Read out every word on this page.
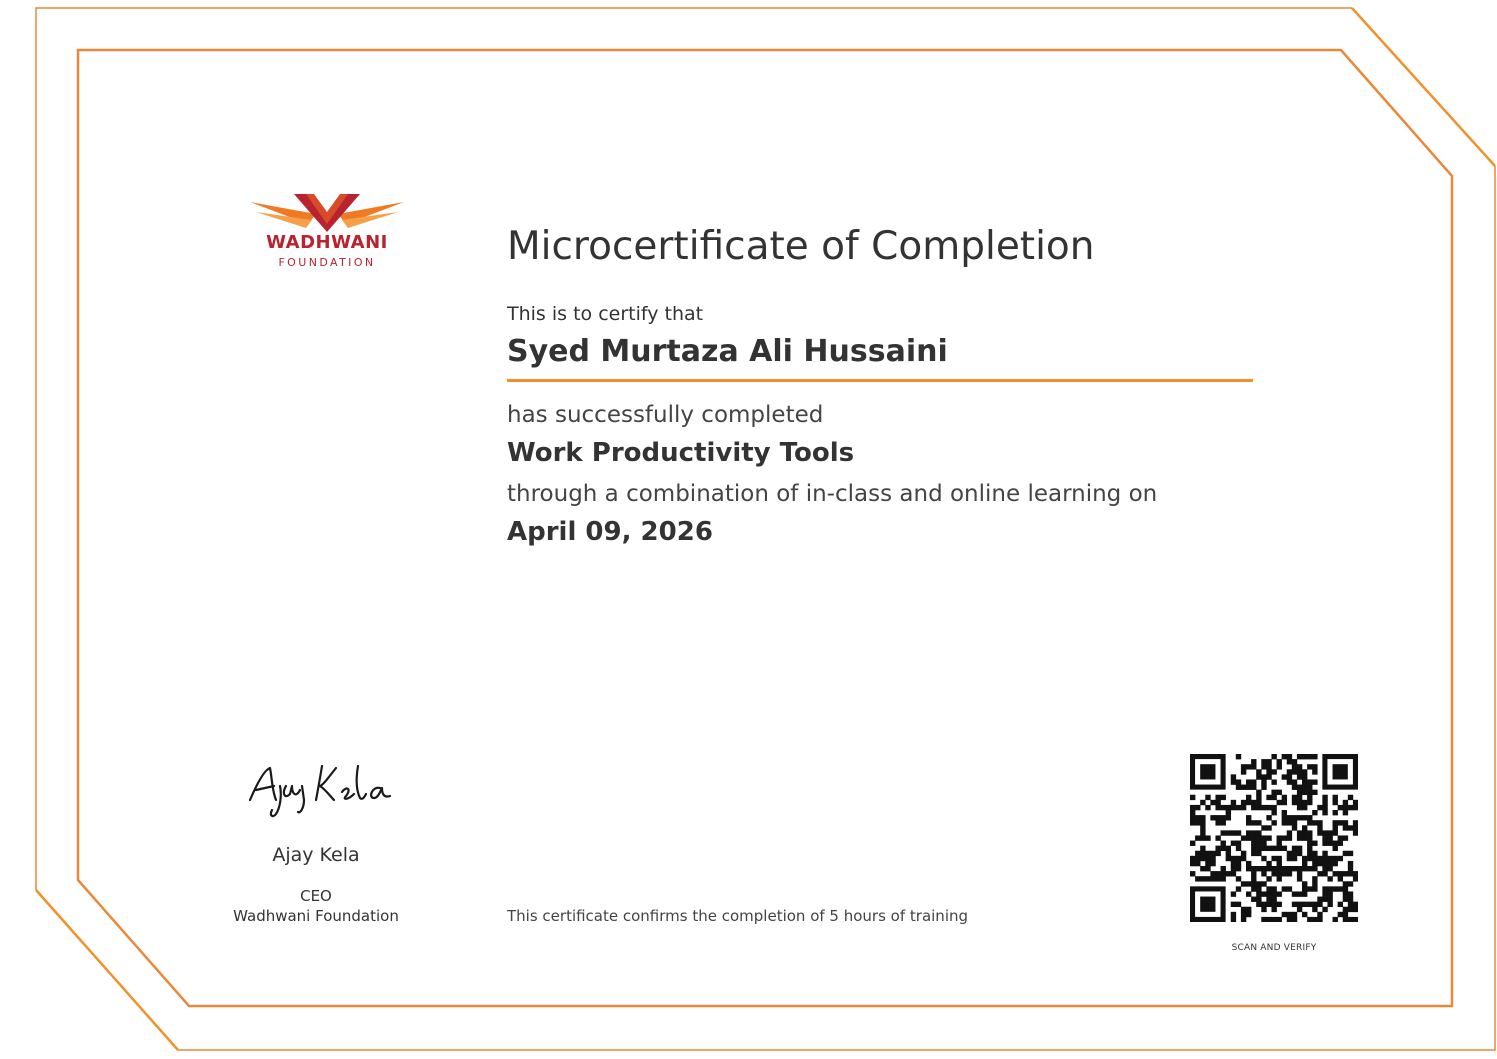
WADHWANI
FOUNDATION	Microcertificate of Completion
This is to certify that
Syed Murtaza Ali Hussaini
has successfully completed
Work Productivity Tools
through a combination of in-class and online learning on
April 09, 2026
This certificate confirms the completion of 5 hours of training
Ajay Kela
CEO
Wadhwani Foundation
SCAN AND VERIFY
